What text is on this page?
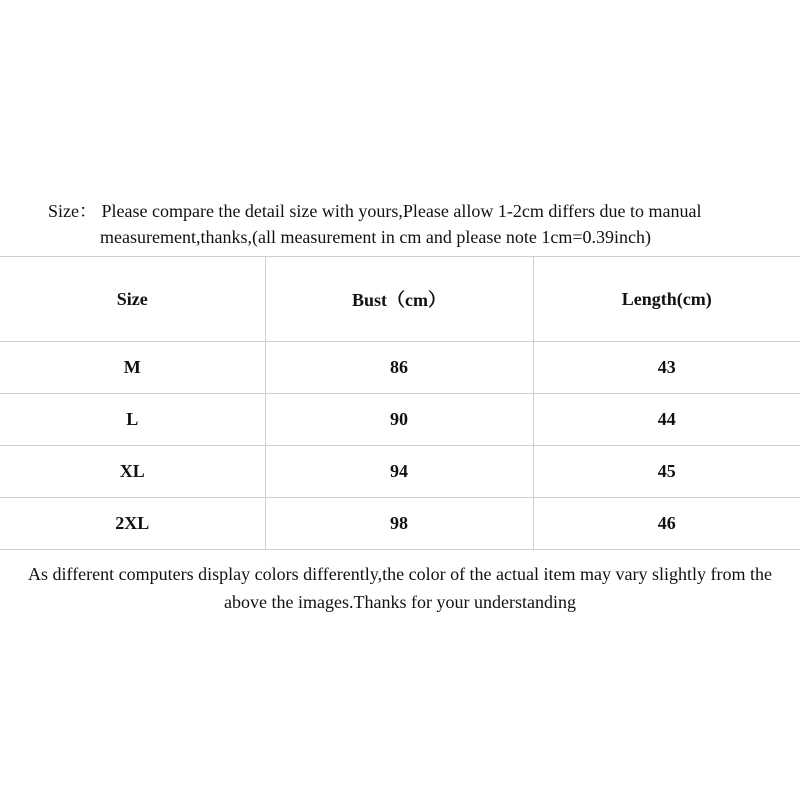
Size： Please compare the detail size with yours,Please allow 1-2cm differs due to manual
measurement,thanks,(all measurement in cm and please note 1cm=0.39inch)
Size	Bust（cm）	Length(cm)
M	86	43
L	90	44
XL	94	45
2XL	98	46
As different computers display colors differently,the color of the actual item may vary slightly from the
above the images.Thanks for your understanding
